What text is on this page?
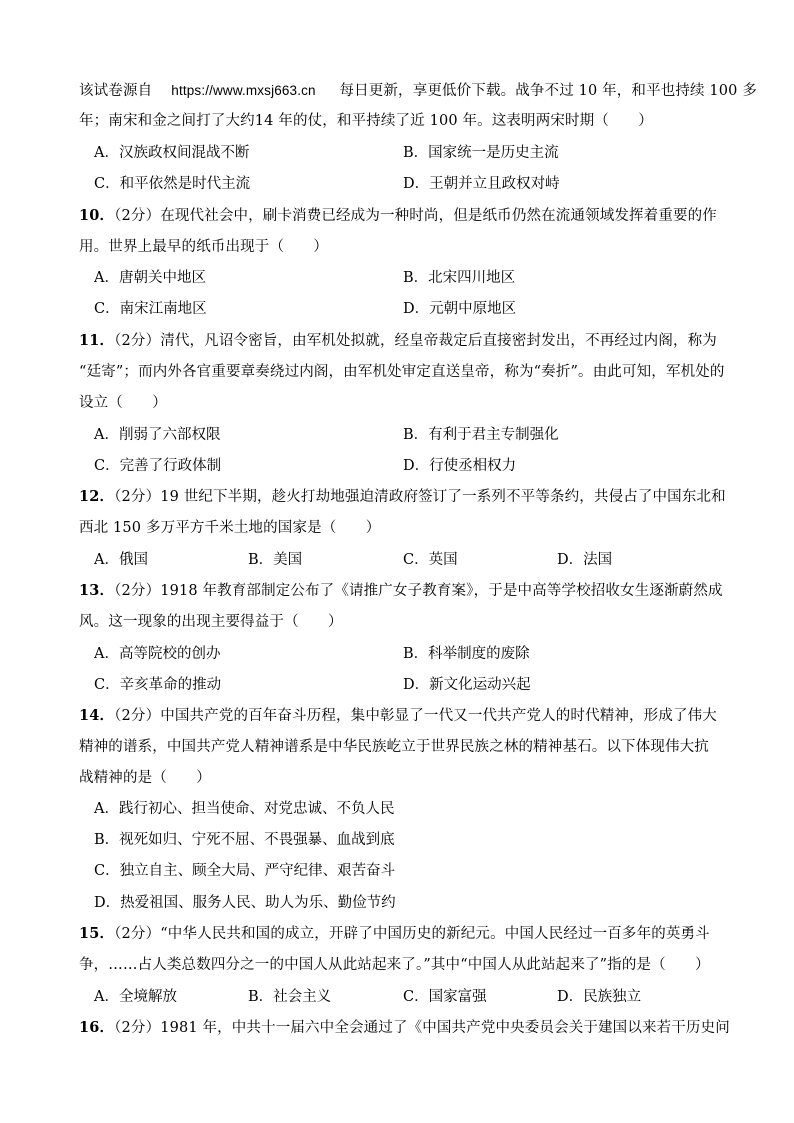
该试卷源自 https://www.mxsj663.cn 每日更新，享更低价下载。战争不过 10 年，和平也持续 100 多
年；南宋和金之间打了大约14 年的仗，和平持续了近 100 年。这表明两宋时期（　　）
A．汉族政权间混战不断	B．国家统一是历史主流
C．和平依然是时代主流	D．王朝并立且政权对峙
10．（2分）在现代社会中，刷卡消费已经成为一种时尚，但是纸币仍然在流通领域发挥着重要的作
用。世界上最早的纸币出现于（　　）
A．唐朝关中地区	B．北宋四川地区
C．南宋江南地区	D．元朝中原地区
11．（2分）清代，凡诏令密旨，由军机处拟就，经皇帝裁定后直接密封发出，不再经过内阁，称为
“廷寄”；而内外各官重要章奏绕过内阁，由军机处审定直送皇帝，称为“奏折”。由此可知，军机处的
设立（　　）
A．削弱了六部权限	B．有利于君主专制强化
C．完善了行政体制	D．行使丞相权力
12．（2分）19 世纪下半期，趁火打劫地强迫清政府签订了一系列不平等条约，共侵占了中国东北和
西北 150 多万平方千米土地的国家是（　　）
A．俄国	B．美国	C．英国	D．法国
13．（2分）1918 年教育部制定公布了《请推广女子教育案》，于是中高等学校招收女生逐渐蔚然成
风。这一现象的出现主要得益于（　　）
A．高等院校的创办	B．科举制度的废除
C．辛亥革命的推动	D．新文化运动兴起
14．（2分）中国共产党的百年奋斗历程，集中彰显了一代又一代共产党人的时代精神，形成了伟大
精神的谱系，中国共产党人精神谱系是中华民族屹立于世界民族之林的精神基石。以下体现伟大抗
战精神的是（　　）
A．践行初心、担当使命、对党忠诚、不负人民
B．视死如归、宁死不屈、不畏强暴、血战到底
C．独立自主、顾全大局、严守纪律、艰苦奋斗
D．热爱祖国、服务人民、助人为乐、勤俭节约
15．（2分）“中华人民共和国的成立，开辟了中国历史的新纪元。中国人民经过一百多年的英勇斗
争，……占人类总数四分之一的中国人从此站起来了。”其中“中国人从此站起来了”指的是（　　）
A．全境解放	B．社会主义	C．国家富强	D．民族独立
16．（2分）1981 年，中共十一届六中全会通过了《中国共产党中央委员会关于建国以来若干历史问
